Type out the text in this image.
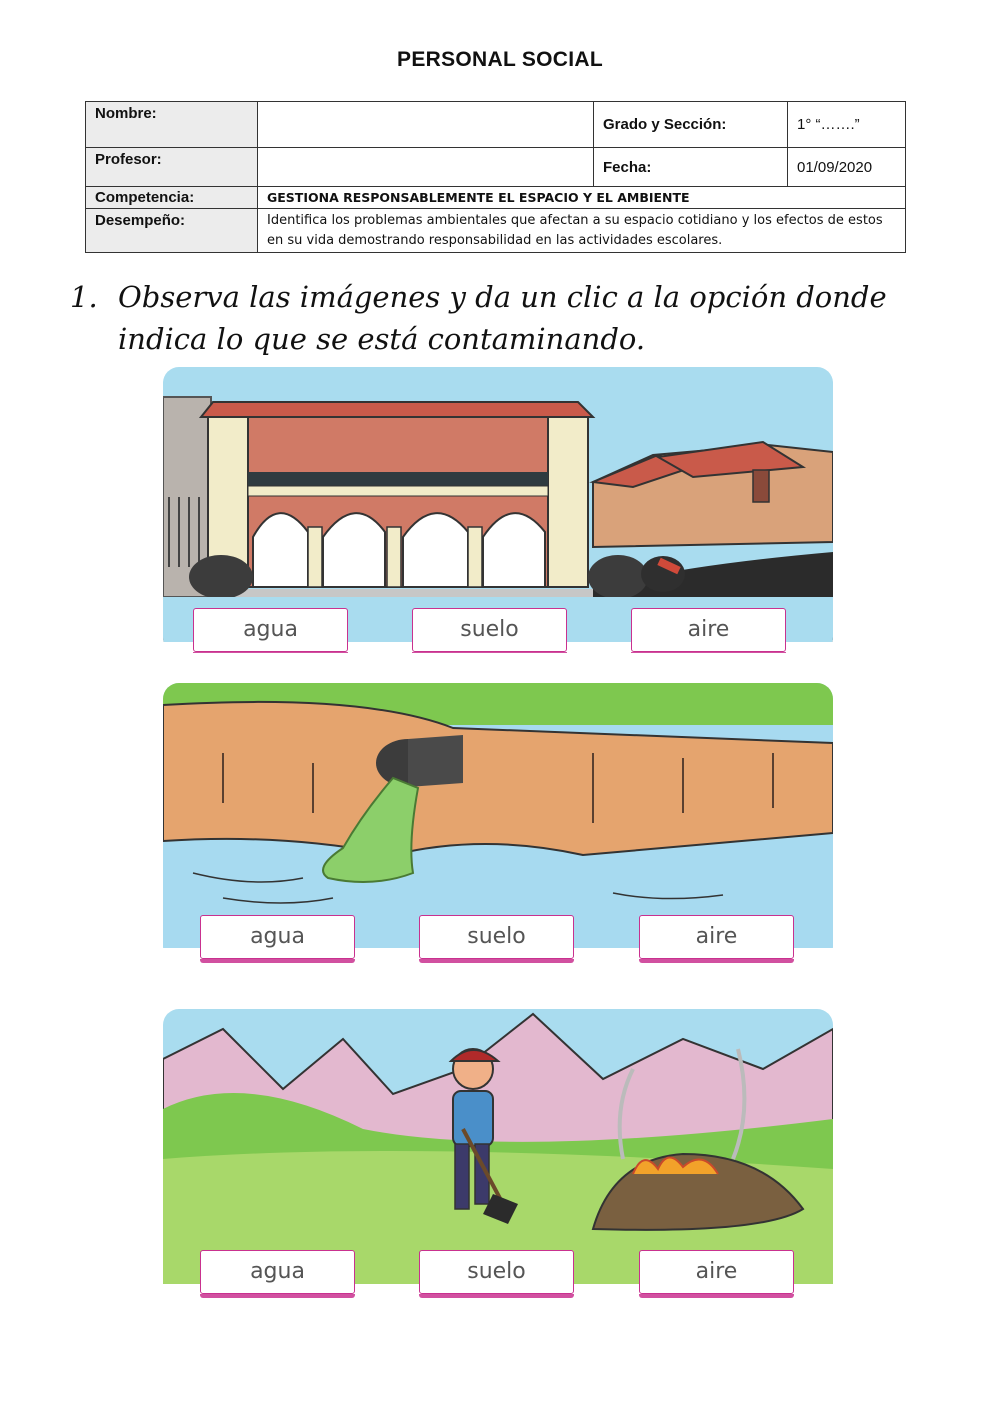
PERSONAL SOCIAL
Nombre:		Grado y Sección:	1° “…….”

Profesor:		Fecha:	01/09/2020
Competencia:	GESTIONA RESPONSABLEMENTE EL ESPACIO Y EL AMBIENTE		
Desempeño:	Identifica los problemas ambientales que afectan a su espacio cotidiano y los efectos de estos en su vida demostrando responsabilidad en las actividades escolares.		
1. Observa las imágenes y da un clic a la opción donde indica lo que se está contaminando.
agua	suelo	aire
agua	suelo	aire
agua	suelo	aire
